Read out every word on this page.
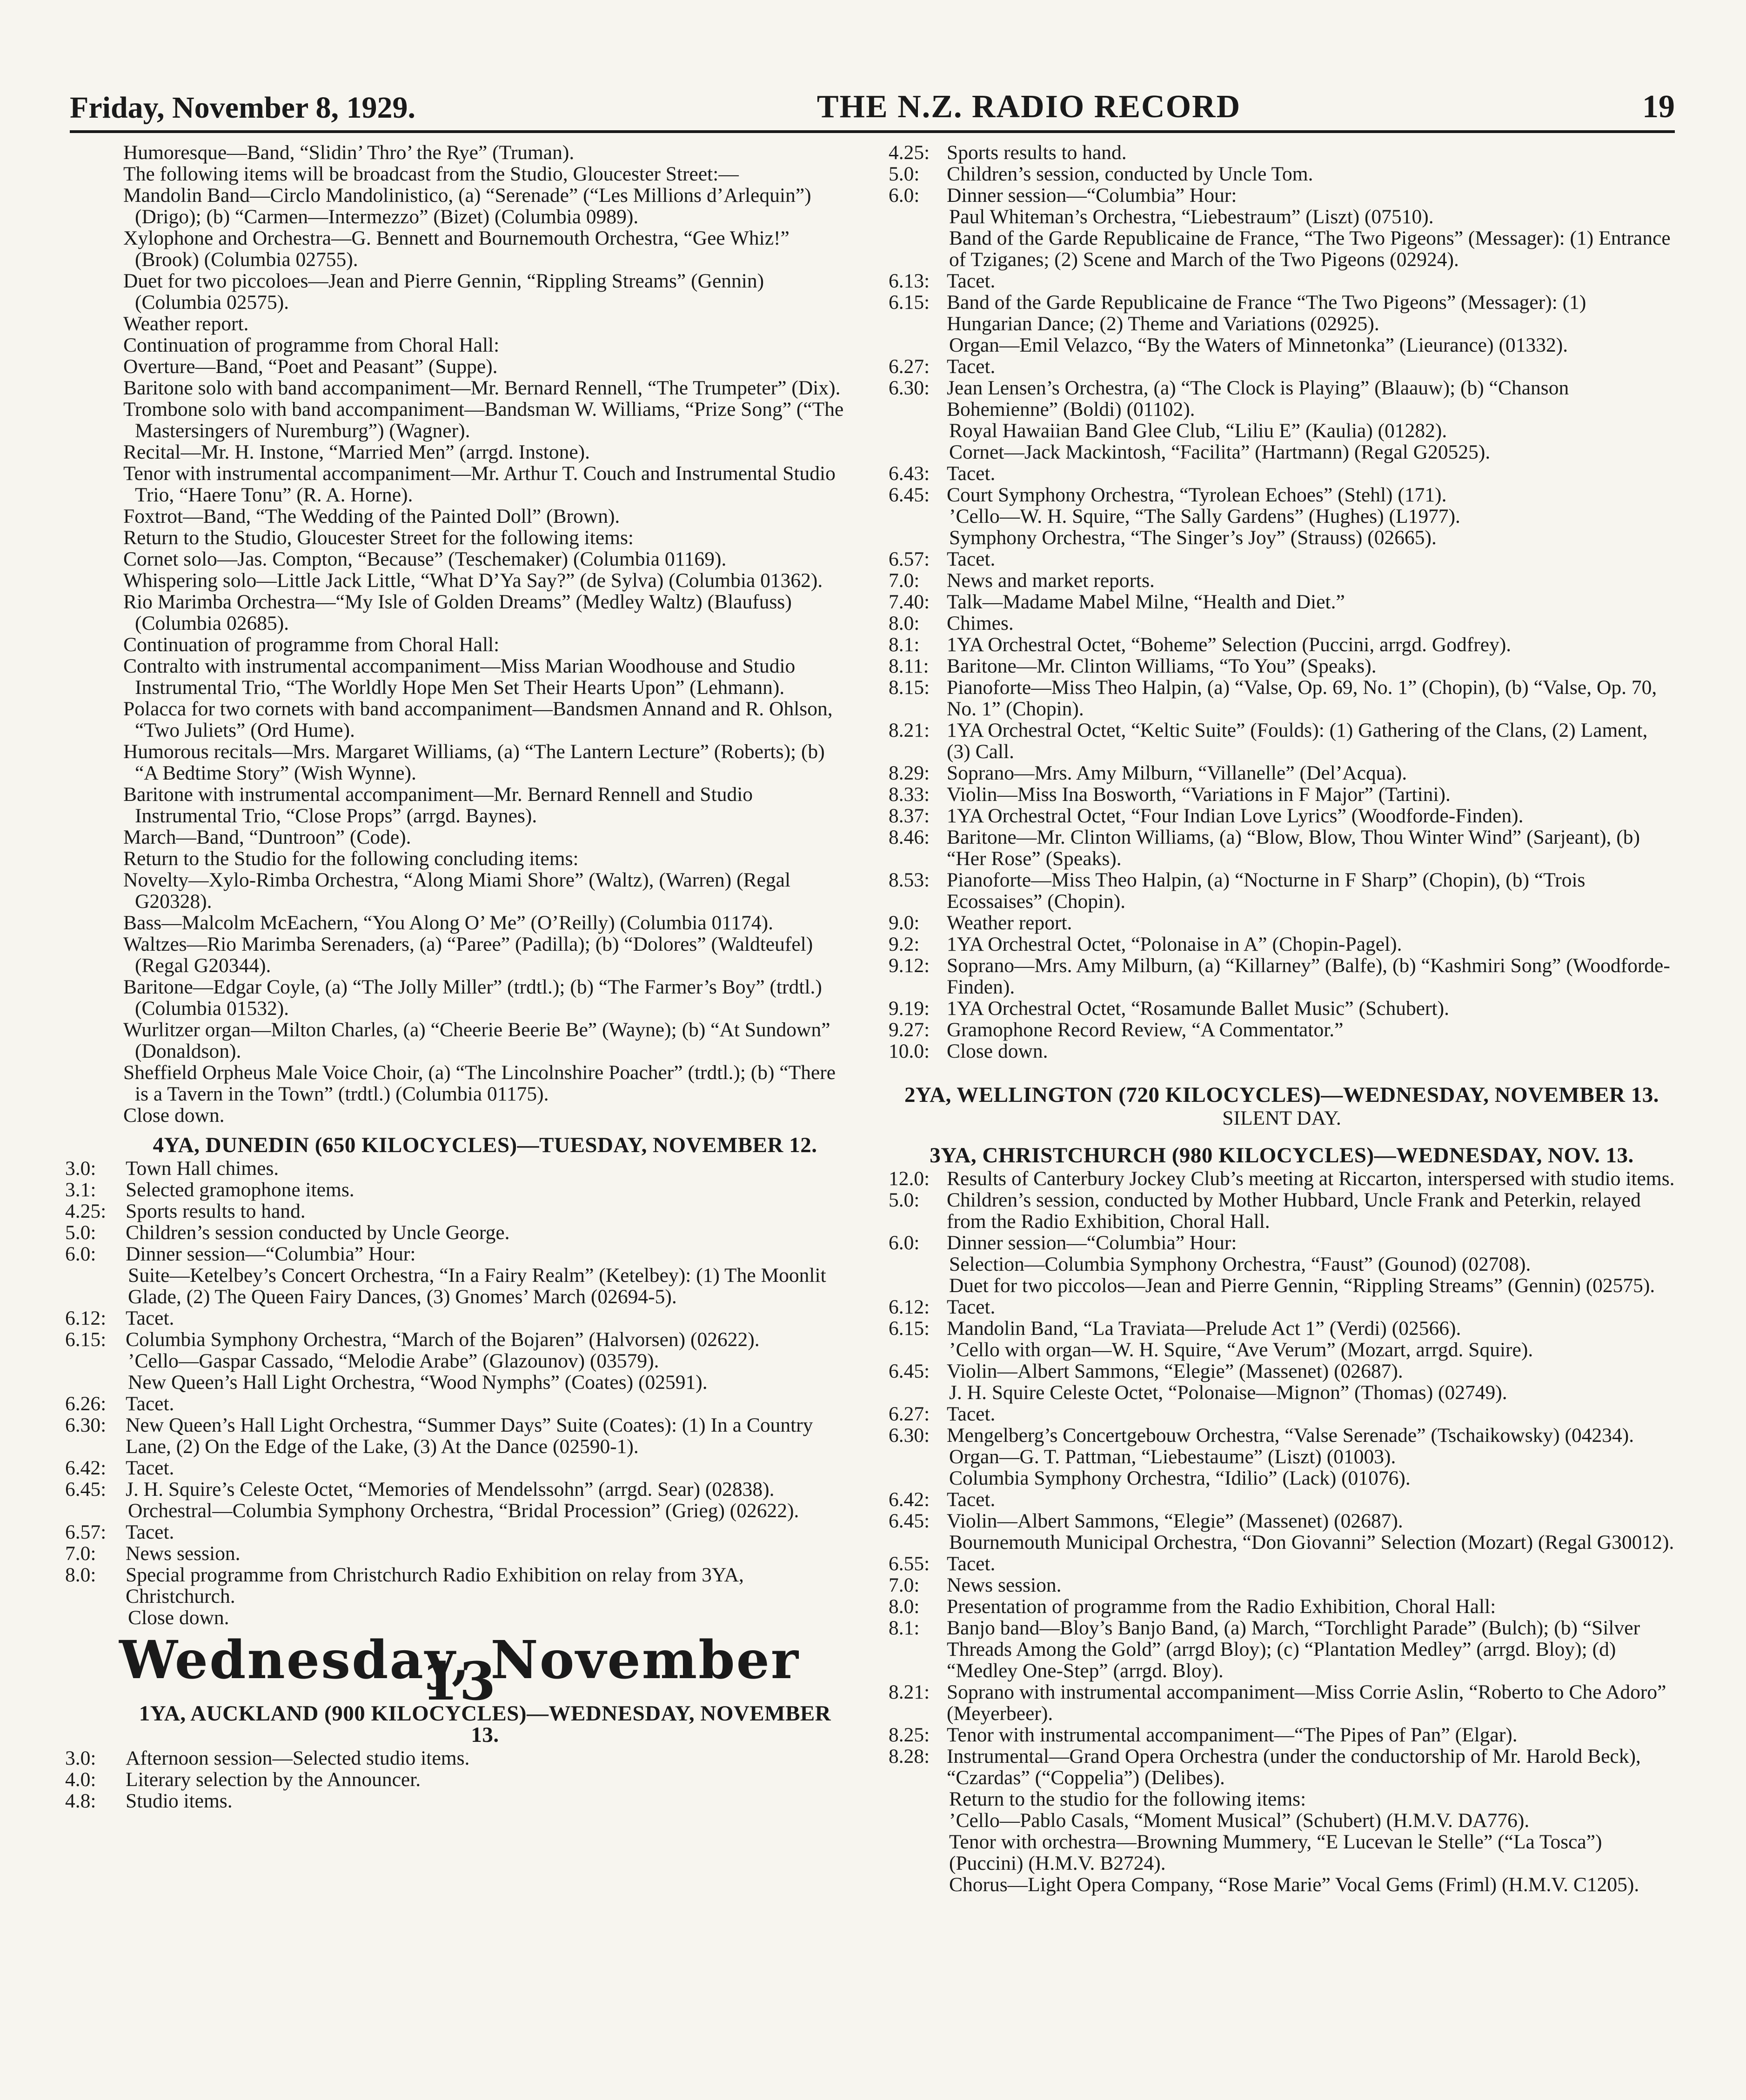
Friday, November 8, 1929.	THE N.Z. RADIO RECORD	19
Humoresque—Band, “Slidin’ Thro’ the Rye” (Truman).
The following items will be broadcast from the Studio, Gloucester Street:—
Mandolin Band—Circlo Mandolinistico, (a) “Serenade” (“Les Millions d’Arlequin”) (Drigo); (b) “Carmen—Intermezzo” (Bizet) (Columbia 0989).
Xylophone and Orchestra—G. Bennett and Bournemouth Orchestra, “Gee Whiz!” (Brook) (Columbia 02755).
Duet for two piccoloes—Jean and Pierre Gennin, “Rippling Streams” (Gennin) (Columbia 02575).
Weather report.
Continuation of programme from Choral Hall:
Overture—Band, “Poet and Peasant” (Suppe).
Baritone solo with band accompaniment—Mr. Bernard Rennell, “The Trumpeter” (Dix).
Trombone solo with band accompaniment—Bandsman W. Williams, “Prize Song” (“The Mastersingers of Nuremburg”) (Wagner).
Recital—Mr. H. Instone, “Married Men” (arrgd. Instone).
Tenor with instrumental accompaniment—Mr. Arthur T. Couch and Instrumental Studio Trio, “Haere Tonu” (R. A. Horne).
Foxtrot—Band, “The Wedding of the Painted Doll” (Brown).
Return to the Studio, Gloucester Street for the following items:
Cornet solo—Jas. Compton, “Because” (Teschemaker) (Columbia 01169).
Whispering solo—Little Jack Little, “What D’Ya Say?” (de Sylva) (Columbia 01362).
Rio Marimba Orchestra—“My Isle of Golden Dreams” (Medley Waltz) (Blaufuss) (Columbia 02685).
Continuation of programme from Choral Hall:
Contralto with instrumental accompaniment—Miss Marian Woodhouse and Studio Instrumental Trio, “The Worldly Hope Men Set Their Hearts Upon” (Lehmann).
Polacca for two cornets with band accompaniment—Bandsmen Annand and R. Ohlson, “Two Juliets” (Ord Hume).
Humorous recitals—Mrs. Margaret Williams, (a) “The Lantern Lecture” (Roberts); (b) “A Bedtime Story” (Wish Wynne).
Baritone with instrumental accompaniment—Mr. Bernard Rennell and Studio Instrumental Trio, “Close Props” (arrgd. Baynes).
March—Band, “Duntroon” (Code).
Return to the Studio for the following concluding items:
Novelty—Xylo-Rimba Orchestra, “Along Miami Shore” (Waltz), (Warren) (Regal G20328).
Bass—Malcolm McEachern, “You Along O’ Me” (O’Reilly) (Columbia 01174).
Waltzes—Rio Marimba Serenaders, (a) “Paree” (Padilla); (b) “Dolores” (Waldteufel) (Regal G20344).
Baritone—Edgar Coyle, (a) “The Jolly Miller” (trdtl.); (b) “The Farmer’s Boy” (trdtl.) (Columbia 01532).
Wurlitzer organ—Milton Charles, (a) “Cheerie Beerie Be” (Wayne); (b) “At Sundown” (Donaldson).
Sheffield Orpheus Male Voice Choir, (a) “The Lincolnshire Poacher” (trdtl.); (b) “There is a Tavern in the Town” (trdtl.) (Columbia 01175).
Close down.
4YA, DUNEDIN (650 KILOCYCLES)—TUESDAY, NOVEMBER 12.
3.0:	Town Hall chimes.
3.1:	Selected gramophone items.
4.25: Sports results to hand.
5.0:	Children’s session conducted by Uncle George.
6.0:	Dinner session—“Columbia” Hour:
Suite—Ketelbey’s Concert Orchestra, “In a Fairy Realm” (Ketelbey): (1) The Moonlit Glade, (2) The Queen Fairy Dances, (3) Gnomes’ March (02694-5).
6.12: Tacet.
6.15: Columbia Symphony Orchestra, “March of the Bojaren” (Halvorsen) (02622).
’Cello—Gaspar Cassado, “Melodie Arabe” (Glazounov) (03579).
New Queen’s Hall Light Orchestra, “Wood Nymphs” (Coates) (02591).
6.26: Tacet.
6.30: New Queen’s Hall Light Orchestra, “Summer Days” Suite (Coates): (1) In a Country Lane, (2) On the Edge of the Lake, (3) At the Dance (02590-1).
6.42: Tacet.
6.45: J. H. Squire’s Celeste Octet, “Memories of Mendelssohn” (arrgd. Sear) (02838).
Orchestral—Columbia Symphony Orchestra, “Bridal Procession” (Grieg) (02622).
6.57: Tacet.
7.0:	News session.
8.0:	Special programme from Christchurch Radio Exhibition on relay from 3YA, Christchurch.
Close down.
Wednesday, November 13
1YA, AUCKLAND (900 KILOCYCLES)—WEDNESDAY, NOVEMBER 13.
3.0:	Afternoon session—Selected studio items.
4.0:	Literary selection by the Announcer.
4.8:	Studio items.
4.25: Sports results to hand.
5.0:	Children’s session, conducted by Uncle Tom.
6.0:	Dinner session—“Columbia” Hour:
Paul Whiteman’s Orchestra, “Liebestraum” (Liszt) (07510).
Band of the Garde Republicaine de France, “The Two Pigeons” (Messager): (1) Entrance of Tziganes; (2) Scene and March of the Two Pigeons (02924).
6.13: Tacet.
6.15: Band of the Garde Republicaine de France “The Two Pigeons” (Messager): (1) Hungarian Dance; (2) Theme and Variations (02925).
Organ—Emil Velazco, “By the Waters of Minnetonka” (Lieurance) (01332).
6.27: Tacet.
6.30: Jean Lensen’s Orchestra, (a) “The Clock is Playing” (Blaauw); (b) “Chanson Bohemienne” (Boldi) (01102).
Royal Hawaiian Band Glee Club, “Liliu E” (Kaulia) (01282).
Cornet—Jack Mackintosh, “Facilita” (Hartmann) (Regal G20525).
6.43: Tacet.
6.45: Court Symphony Orchestra, “Tyrolean Echoes” (Stehl) (171).
’Cello—W. H. Squire, “The Sally Gardens” (Hughes) (L1977).
Symphony Orchestra, “The Singer’s Joy” (Strauss) (02665).
6.57: Tacet.
7.0:	News and market reports.
7.40: Talk—Madame Mabel Milne, “Health and Diet.”
8.0:	Chimes.
8.1:	1YA Orchestral Octet, “Boheme” Selection (Puccini, arrgd. Godfrey).
8.11: Baritone—Mr. Clinton Williams, “To You” (Speaks).
8.15: Pianoforte—Miss Theo Halpin, (a) “Valse, Op. 69, No. 1” (Chopin), (b) “Valse, Op. 70, No. 1” (Chopin).
8.21: 1YA Orchestral Octet, “Keltic Suite” (Foulds): (1) Gathering of the Clans, (2) Lament, (3) Call.
8.29: Soprano—Mrs. Amy Milburn, “Villanelle” (Del’Acqua).
8.33: Violin—Miss Ina Bosworth, “Variations in F Major” (Tartini).
8.37: 1YA Orchestral Octet, “Four Indian Love Lyrics” (Woodforde-Finden).
8.46: Baritone—Mr. Clinton Williams, (a) “Blow, Blow, Thou Winter Wind” (Sarjeant), (b) “Her Rose” (Speaks).
8.53: Pianoforte—Miss Theo Halpin, (a) “Nocturne in F Sharp” (Chopin), (b) “Trois Ecossaises” (Chopin).
9.0:	Weather report.
9.2:	1YA Orchestral Octet, “Polonaise in A” (Chopin-Pagel).
9.12: Soprano—Mrs. Amy Milburn, (a) “Killarney” (Balfe), (b) “Kashmiri Song” (Woodforde-Finden).
9.19: 1YA Orchestral Octet, “Rosamunde Ballet Music” (Schubert).
9.27: Gramophone Record Review, “A Commentator.”
10.0: Close down.
2YA, WELLINGTON (720 KILOCYCLES)—WEDNESDAY, NOVEMBER 13.
SILENT DAY.
3YA, CHRISTCHURCH (980 KILOCYCLES)—WEDNESDAY, NOV. 13.
12.0: Results of Canterbury Jockey Club’s meeting at Riccarton, interspersed with studio items.
5.0:	Children’s session, conducted by Mother Hubbard, Uncle Frank and Peterkin, relayed from the Radio Exhibition, Choral Hall.
6.0:	Dinner session—“Columbia” Hour:
Selection—Columbia Symphony Orchestra, “Faust” (Gounod) (02708).
Duet for two piccolos—Jean and Pierre Gennin, “Rippling Streams” (Gennin) (02575).
6.12: Tacet.
6.15: Mandolin Band, “La Traviata—Prelude Act 1” (Verdi) (02566).
’Cello with organ—W. H. Squire, “Ave Verum” (Mozart, arrgd. Squire).
6.45: Violin—Albert Sammons, “Elegie” (Massenet) (02687).
J. H. Squire Celeste Octet, “Polonaise—Mignon” (Thomas) (02749).
6.27: Tacet.
6.30: Mengelberg’s Concertgebouw Orchestra, “Valse Serenade” (Tschaikowsky) (04234).
Organ—G. T. Pattman, “Liebestaume” (Liszt) (01003).
Columbia Symphony Orchestra, “Idilio” (Lack) (01076).
6.42: Tacet.
6.45: Violin—Albert Sammons, “Elegie” (Massenet) (02687).
Bournemouth Municipal Orchestra, “Don Giovanni” Selection (Mozart) (Regal G30012).
6.55: Tacet.
7.0:	News session.
8.0:	Presentation of programme from the Radio Exhibition, Choral Hall:
8.1:	Banjo band—Bloy’s Banjo Band, (a) March, “Torchlight Parade” (Bulch); (b) “Silver Threads Among the Gold” (arrgd Bloy); (c) “Plantation Medley” (arrgd. Bloy); (d) “Medley One-Step” (arrgd. Bloy).
8.21: Soprano with instrumental accompaniment—Miss Corrie Aslin, “Roberto to Che Adoro” (Meyerbeer).
8.25: Tenor with instrumental accompaniment—“The Pipes of Pan” (Elgar).
8.28: Instrumental—Grand Opera Orchestra (under the conductorship of Mr. Harold Beck), “Czardas” (“Coppelia”) (Delibes).
Return to the studio for the following items:
’Cello—Pablo Casals, “Moment Musical” (Schubert) (H.M.V. DA776).
Tenor with orchestra—Browning Mummery, “E Lucevan le Stelle” (“La Tosca”) (Puccini) (H.M.V. B2724).
Chorus—Light Opera Company, “Rose Marie” Vocal Gems (Friml) (H.M.V. C1205).
